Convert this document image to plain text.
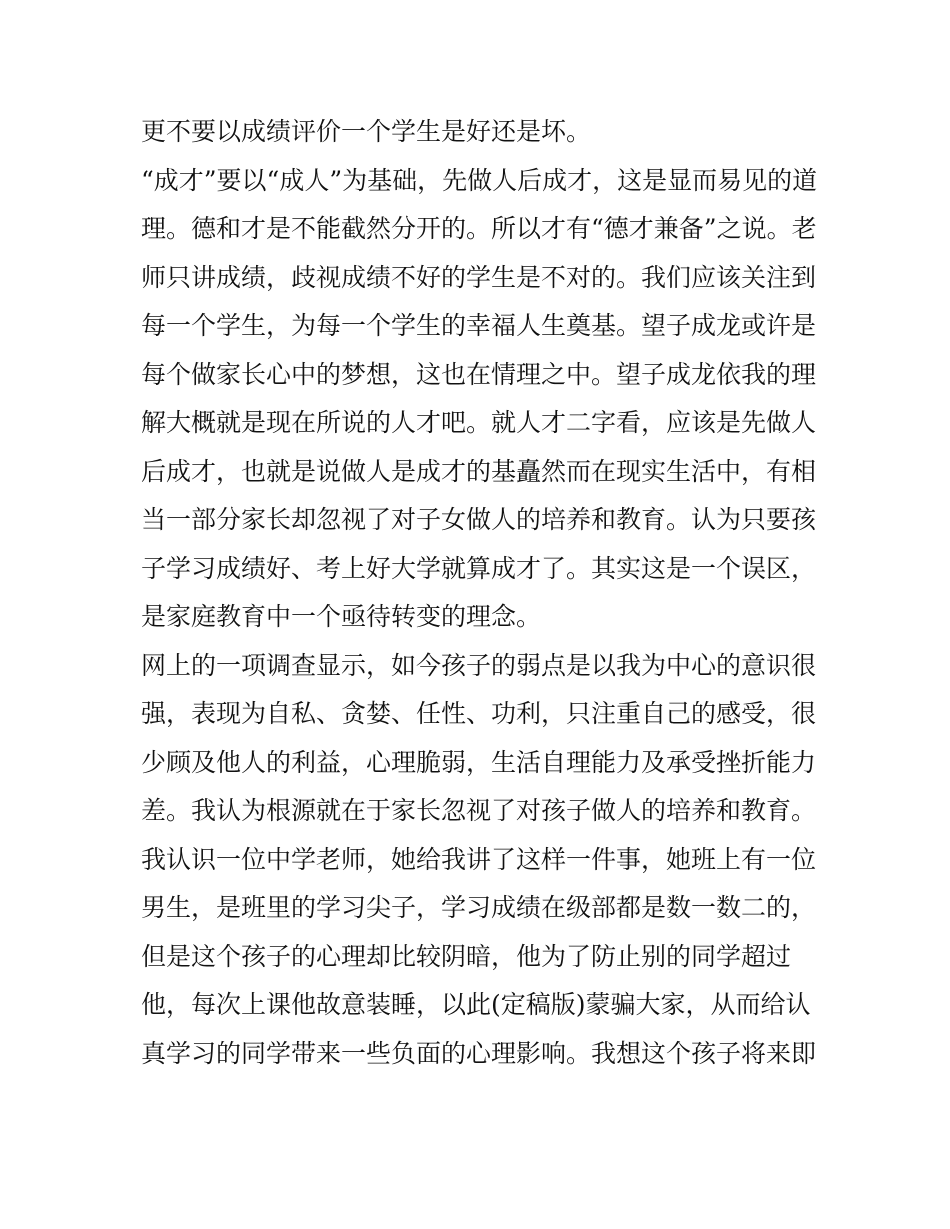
更不要以成绩评价一个学生是好还是坏。
“成才”要以“成人”为基础，先做人后成才，这是显而易见的道
理。德和才是不能截然分开的。所以才有“德才兼备”之说。老
师只讲成绩，歧视成绩不好的学生是不对的。我们应该关注到
每一个学生，为每一个学生的幸福人生奠基。望子成龙或许是
每个做家长心中的梦想，这也在情理之中。望子成龙依我的理
解大概就是现在所说的人才吧。就人才二字看，应该是先做人
后成才，也就是说做人是成才的基矗然而在现实生活中，有相
当一部分家长却忽视了对子女做人的培养和教育。认为只要孩
子学习成绩好、考上好大学就算成才了。其实这是一个误区，
是家庭教育中一个亟待转变的理念。
网上的一项调查显示，如今孩子的弱点是以我为中心的意识很
强，表现为自私、贪婪、任性、功利，只注重自己的感受，很
少顾及他人的利益，心理脆弱，生活自理能力及承受挫折能力
差。我认为根源就在于家长忽视了对孩子做人的培养和教育。
我认识一位中学老师，她给我讲了这样一件事，她班上有一位
男生，是班里的学习尖子，学习成绩在级部都是数一数二的，
但是这个孩子的心理却比较阴暗，他为了防止别的同学超过
他，每次上课他故意装睡，以此(定稿版)蒙骗大家，从而给认
真学习的同学带来一些负面的心理影响。我想这个孩子将来即
